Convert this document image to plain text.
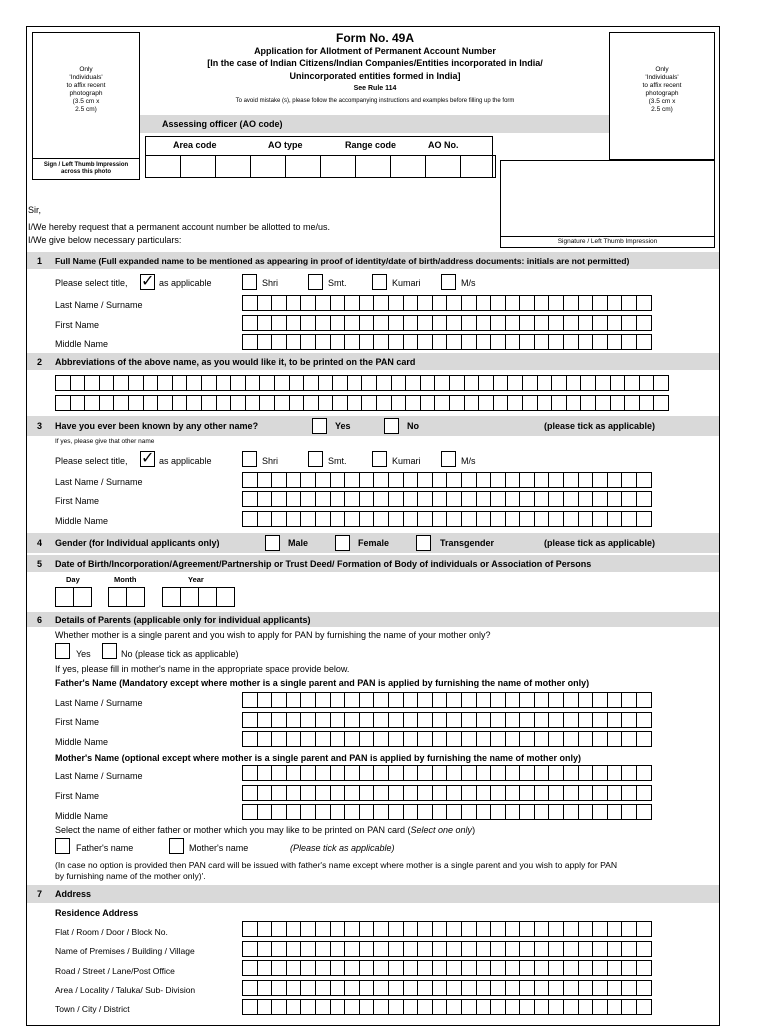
Only
'Individuals'
to affix recent
photograph
(3.5 cm x
2.5 cm)
Sign / Left Thumb Impression across this photo
Only
'Individuals'
to affix recent
photograph
(3.5 cm x
2.5 cm)
Signature / Left Thumb Impression
Form No. 49A
Application for Allotment of Permanent Account Number
[In the case of Indian Citizens/Indian Companies/Entities incorporated in India/
Unincorporated entities formed in India]
See Rule 114
To avoid mistake (s), please follow the accompanying instructions and examples before filling up the form
Assessing officer (AO code)
Area code	AO type	Range code	AO No.
Sir,
I/We hereby request that a permanent account number be allotted to me/us.
I/We give below necessary particulars:
1 Full Name (Full expanded name to be mentioned as appearing in proof of identity/date of birth/address documents: initials are not permitted)
Please select title, ✓ as applicable	Shri	Smt.	Kumari	M/s
Last Name / Surname
First Name
Middle Name
2 Abbreviations of the above name, as you would like it, to be printed on the PAN card
3 Have you ever been known by any other name?	Yes	No	(please tick as applicable)
If yes, please give that other name
Please select title, ✓ as applicable	Shri	Smt.	Kumari	M/s
Last Name / Surname
First Name
Middle Name
4 Gender (for Individual applicants only)	Male	Female	Transgender	(please tick as applicable)
5 Date of Birth/Incorporation/Agreement/Partnership or Trust Deed/ Formation of Body of individuals or Association of Persons
Day	Month	Year
6 Details of Parents (applicable only for individual applicants)
Whether mother is a single parent and you wish to apply for PAN by furnishing the name of your mother only?
Yes	No (please tick as applicable)
If yes, please fill in mother's name in the appropriate space provide below.
Father's Name (Mandatory except where mother is a single parent and PAN is applied by furnishing the name of mother only)
Last Name / Surname
First Name
Middle Name
Mother's Name (optional except where mother is a single parent and PAN is applied by furnishing the name of mother only)
Last Name / Surname
First Name
Middle Name
Select the name of either father or mother which you may like to be printed on PAN card (Select one only)
Father's name	Mother's name	(Please tick as applicable)
(In case no option is provided then PAN card will be issued with father's name except where mother is a single parent and you wish to apply for PAN
by furnishing name of the mother only)'.
7 Address
Residence Address
Flat / Room / Door / Block No.
Name of Premises / Building / Village
Road / Street / Lane/Post Office
Area / Locality / Taluka/ Sub- Division
Town / City / District
